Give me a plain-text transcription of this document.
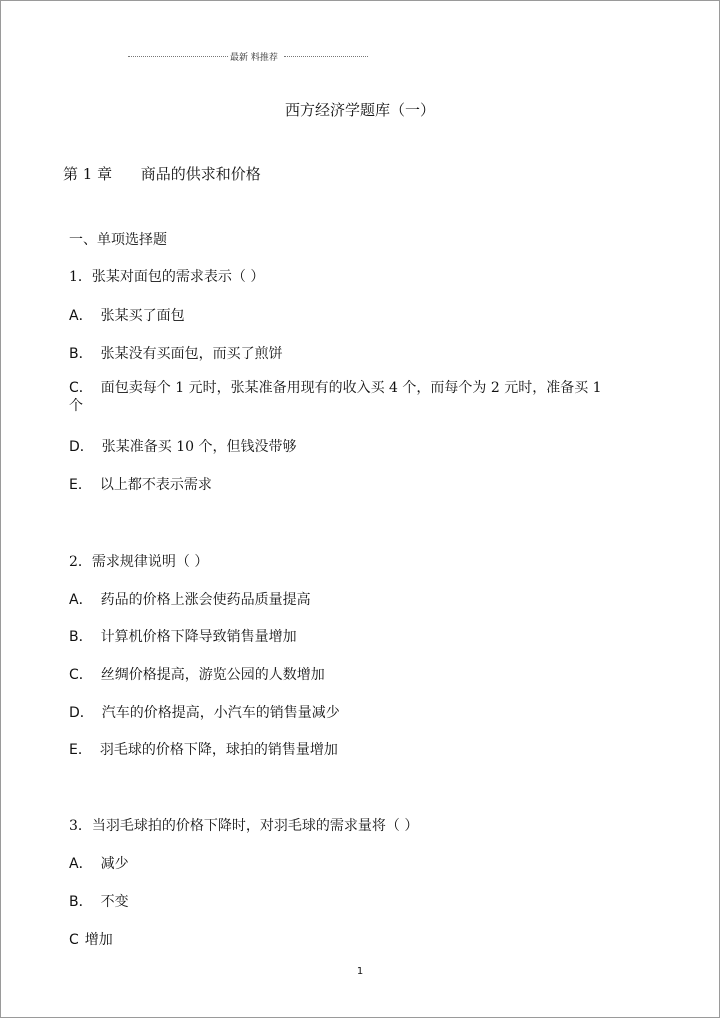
最新 料推荐
西方经济学题库（一）
第 1 章 商品的供求和价格
一、单项选择题
1．张某对面包的需求表示（ ）
A． 张某买了面包
B． 张某没有买面包，而买了煎饼
C． 面包卖每个 1 元时，张某准备用现有的收入买 4 个，而每个为 2 元时，准备买 1
个
D． 张某准备买 10 个，但钱没带够
E． 以上都不表示需求
2．需求规律说明（ ）
A． 药品的价格上涨会使药品质量提高
B． 计算机价格下降导致销售量增加
C． 丝绸价格提高，游览公园的人数增加
D． 汽车的价格提高，小汽车的销售量减少
E． 羽毛球的价格下降，球拍的销售量增加
3．当羽毛球拍的价格下降时，对羽毛球的需求量将（ ）
A． 减少
B． 不变
C 增加
1
